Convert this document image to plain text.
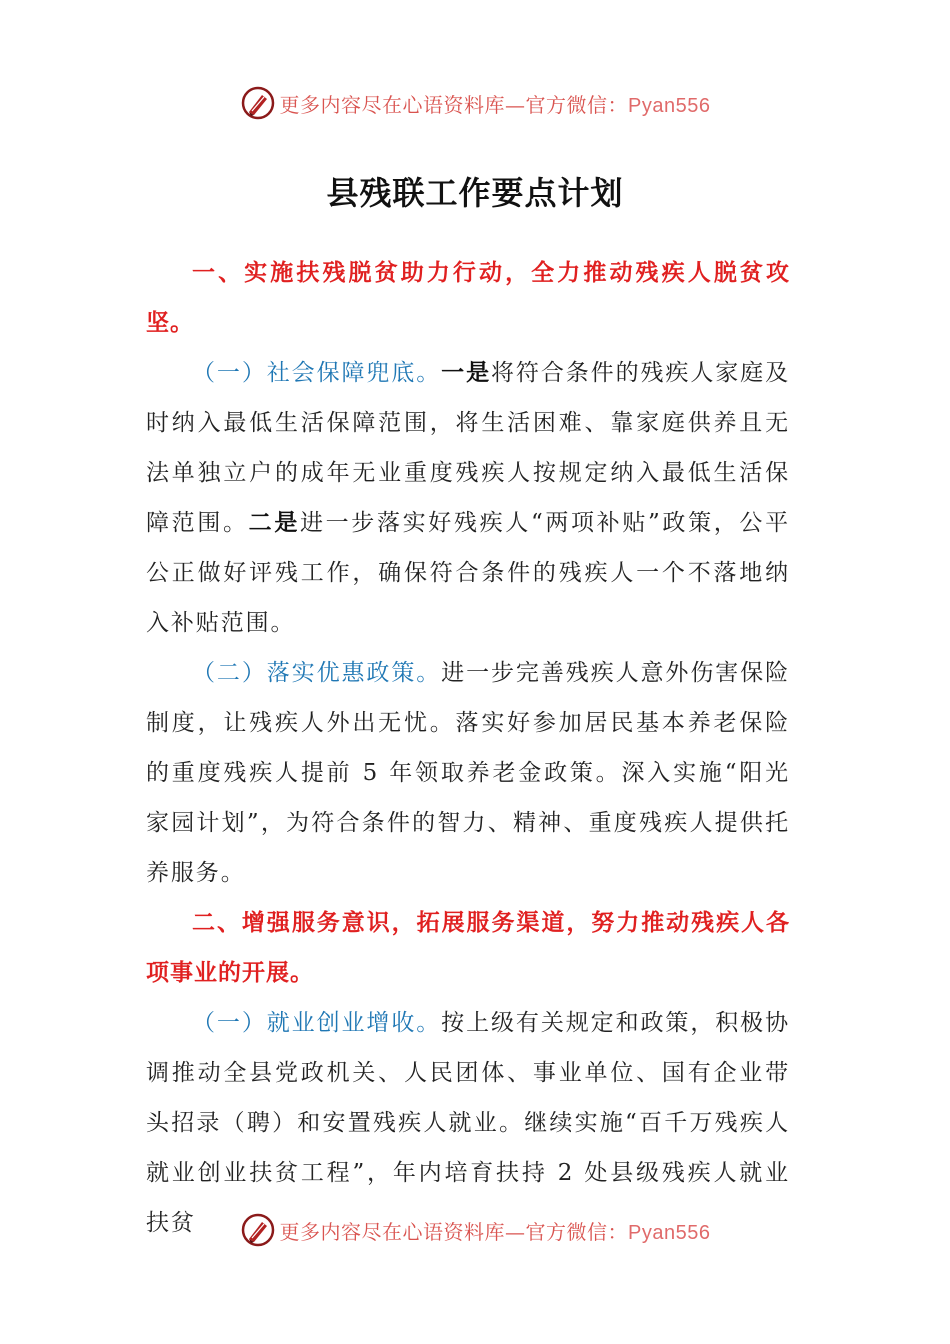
更多内容尽在心语资料库—官方微信：Pyan556
县残联工作要点计划

一、实施扶残脱贫助力行动，全力推动残疾人脱贫攻坚。

（一）社会保障兜底。一是将符合条件的残疾人家庭及时纳入最低生活保障范围，将生活困难、靠家庭供养且无法单独立户的成年无业重度残疾人按规定纳入最低生活保障范围。二是进一步落实好残疾人“两项补贴”政策，公平公正做好评残工作，确保符合条件的残疾人一个不落地纳入补贴范围。

（二）落实优惠政策。进一步完善残疾人意外伤害保险制度，让残疾人外出无忧。落实好参加居民基本养老保险的重度残疾人提前 5 年领取养老金政策。深入实施“阳光家园计划”，为符合条件的智力、精神、重度残疾人提供托养服务。

二、增强服务意识，拓展服务渠道，努力推动残疾人各项事业的开展。

（一）就业创业增收。按上级有关规定和政策，积极协调推动全县党政机关、人民团体、事业单位、国有企业带头招录（聘）和安置残疾人就业。继续实施“百千万残疾人就业创业扶贫工程”，年内培育扶持 2 处县级残疾人就业扶贫	更多内容尽在心语资料库—官方微信：Pyan556
